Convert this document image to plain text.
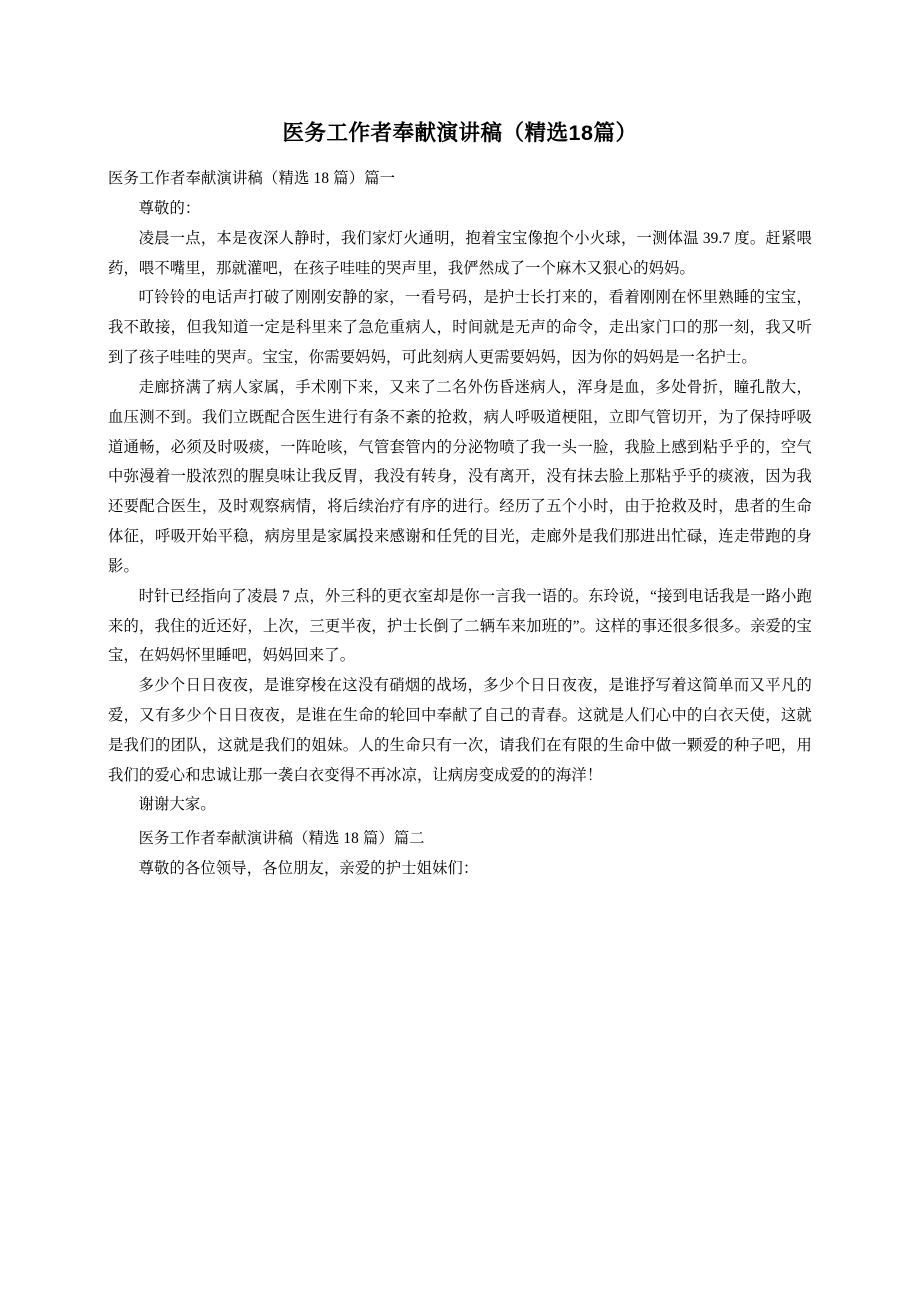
医务工作者奉献演讲稿（精选18篇）
医务工作者奉献演讲稿（精选 18 篇）篇一

尊敬的：

凌晨一点，本是夜深人静时，我们家灯火通明，抱着宝宝像抱个小火球，一测体温 39.7 度。赶紧喂药，喂不嘴里，那就灌吧，在孩子哇哇的哭声里，我俨然成了一个麻木又狠心的妈妈。

叮铃铃的电话声打破了刚刚安静的家，一看号码，是护士长打来的，看着刚刚在怀里熟睡的宝宝，我不敢接，但我知道一定是科里来了急危重病人，时间就是无声的命令，走出家门口的那一刻，我又听到了孩子哇哇的哭声。宝宝，你需要妈妈，可此刻病人更需要妈妈，因为你的妈妈是一名护士。

走廊挤满了病人家属，手术刚下来，又来了二名外伤昏迷病人，浑身是血，多处骨折，瞳孔散大，血压测不到。我们立既配合医生进行有条不紊的抢救，病人呼吸道梗阻，立即气管切开，为了保持呼吸道通畅，必须及时吸痰，一阵呛咳，气管套管内的分泌物喷了我一头一脸，我脸上感到粘乎乎的，空气中弥漫着一股浓烈的腥臭味让我反胃，我没有转身，没有离开，没有抹去脸上那粘乎乎的痰液，因为我还要配合医生，及时观察病情，将后续治疗有序的进行。经历了五个小时，由于抢救及时，患者的生命体征，呼吸开始平稳，病房里是家属投来感谢和任凭的目光，走廊外是我们那进出忙碌，连走带跑的身影。

时针已经指向了凌晨 7 点，外三科的更衣室却是你一言我一语的。东玲说，“接到电话我是一路小跑来的，我住的近还好，上次，三更半夜，护士长倒了二辆车来加班的”。这样的事还很多很多。亲爱的宝宝，在妈妈怀里睡吧，妈妈回来了。

多少个日日夜夜，是谁穿梭在这没有硝烟的战场，多少个日日夜夜，是谁抒写着这简单而又平凡的爱，又有多少个日日夜夜，是谁在生命的轮回中奉献了自己的青春。这就是人们心中的白衣天使，这就是我们的团队，这就是我们的姐妹。人的生命只有一次，请我们在有限的生命中做一颗爱的种子吧，用我们的爱心和忠诚让那一袭白衣变得不再冰凉，让病房变成爱的的海洋！

谢谢大家。

医务工作者奉献演讲稿（精选 18 篇）篇二

尊敬的各位领导，各位朋友，亲爱的护士姐妹们：
